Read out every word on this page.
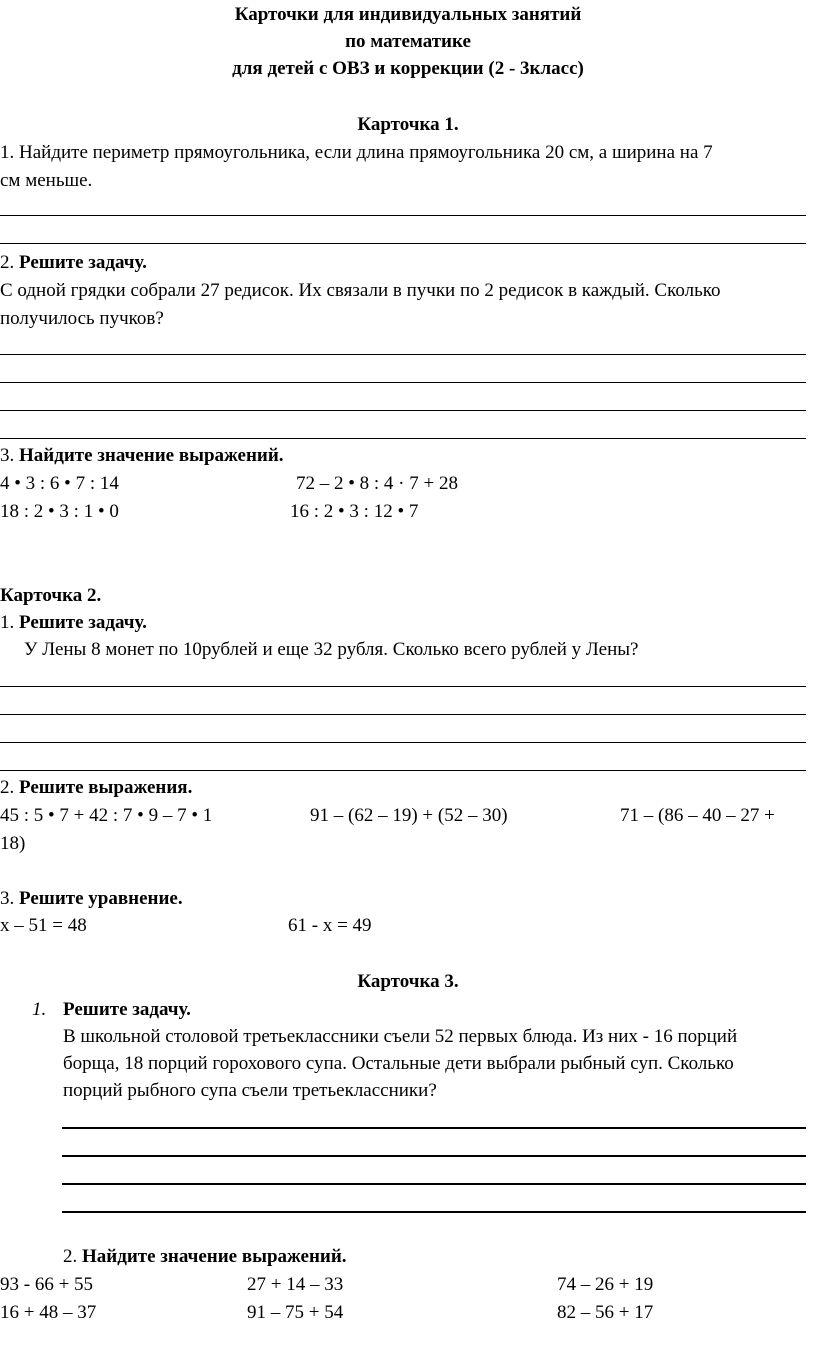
Карточки для индивидуальных занятий
по математике
для детей с ОВЗ и коррекции (2 - 3класс)
Карточка 1.
1. Найдите периметр прямоугольника, если длина прямоугольника 20 см, а ширина на 7
см меньше.
2. Решите задачу.
С одной грядки собрали 27 редисок. Их связали в пучки по 2 редисок в каждый. Сколько
получилось пучков?
3. Найдите значение выражений.
4 • 3 : 6 • 7 : 14	72 – 2 • 8 : 4 · 7 + 28
18 : 2 • 3 : 1 • 0	16 : 2 • 3 : 12 • 7
Карточка 2.
1. Решите задачу.
У Лены 8 монет по 10рублей и еще 32 рубля. Сколько всего рублей у Лены?
2. Решите выражения.
45 : 5 • 7 + 42 : 7 • 9 – 7 • 1	91 – (62 – 19) + (52 – 30)	71 – (86 – 40 – 27 +
18)
3. Решите уравнение.
х – 51 = 48	61 - х = 49
Карточка 3.
1. Решите задачу.
В школьной столовой третьеклассники съели 52 первых блюда. Из них - 16 порций
борща, 18 порций горохового супа. Остальные дети выбрали рыбный суп. Сколько
порций рыбного супа съели третьеклассники?
2. Найдите значение выражений.
93 - 66 + 55	27 + 14 – 33	74 – 26 + 19
16 + 48 – 37	91 – 75 + 54	82 – 56 + 17
